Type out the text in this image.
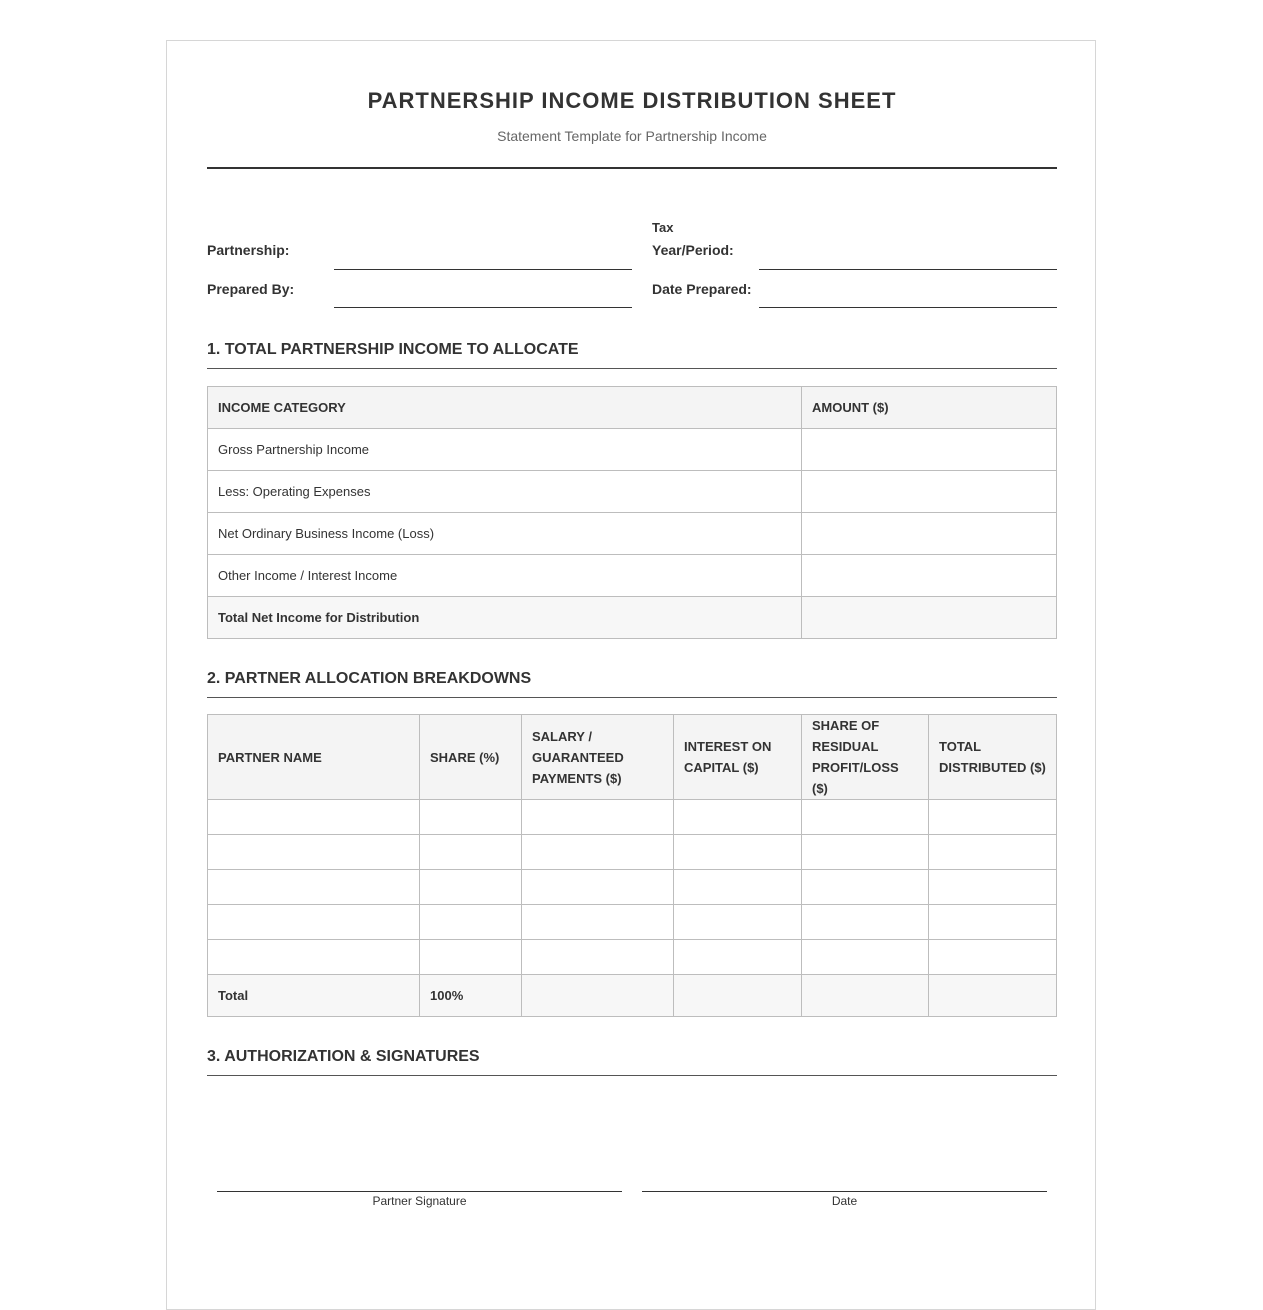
PARTNERSHIP INCOME DISTRIBUTION SHEET
Statement Template for Partnership Income
Partnership:
Tax
Year/Period:
Prepared By:	Date Prepared:
1. TOTAL PARTNERSHIP INCOME TO ALLOCATE
INCOME CATEGORY	AMOUNT ($)
Gross Partnership Income	
Less: Operating Expenses	
Net Ordinary Business Income (Loss)	
Other Income / Interest Income	
Total Net Income for Distribution	
2. PARTNER ALLOCATION BREAKDOWNS
PARTNER NAME	SHARE (%)	SALARY / GUARANTEED PAYMENTS ($)	INTEREST ON CAPITAL ($)	SHARE OF RESIDUAL PROFIT/LOSS ($)	TOTAL DISTRIBUTED ($)

Total	100%				
3. AUTHORIZATION & SIGNATURES
Partner Signature	Date
